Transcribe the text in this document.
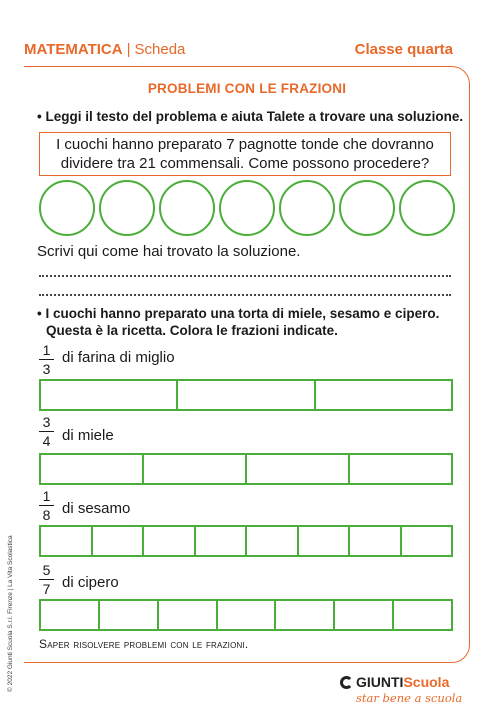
MATEMATICA | Scheda	Classe quarta
PROBLEMI CON LE FRAZIONI
• Leggi il testo del problema e aiuta Talete a trovare una soluzione.
I cuochi hanno preparato 7 pagnotte tonde che dovranno
dividere tra 21 commensali. Come possono procedere?
Scrivi qui come hai trovato la soluzione.
• I cuochi hanno preparato una torta di miele, sesamo e cipero.
Questa è la ricetta. Colora le frazioni indicate.
1
3
di farina di miglio
3
4 di miele
1
8 di sesamo
5
7 di cipero
Saper risolvere problemi con le frazioni.
© 2022 Giunti Scuola S.r.l. Firenze | La Vita Scolastica	GIUNTI Scuola
star bene a scuola
